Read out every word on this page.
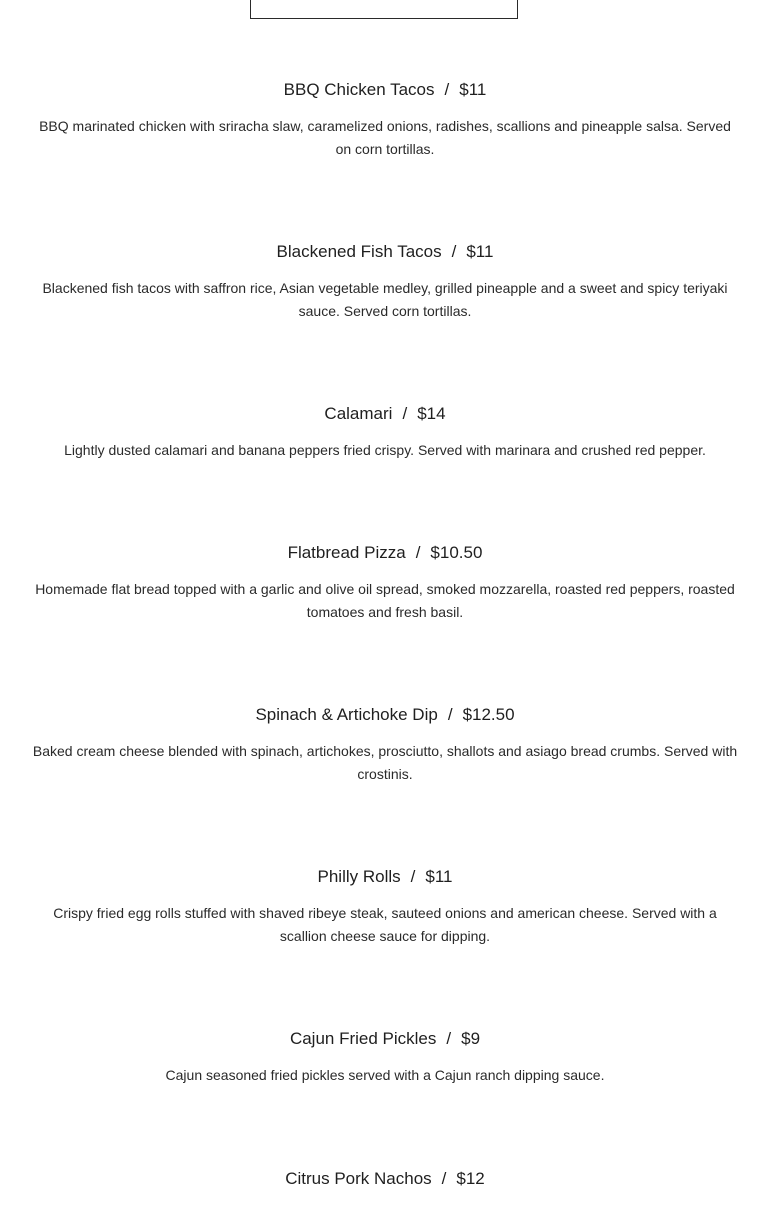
BBQ Chicken Tacos / $11

BBQ marinated chicken with sriracha slaw, caramelized onions, radishes, scallions and pineapple salsa. Served on corn tortillas.

Blackened Fish Tacos / $11

Blackened fish tacos with saffron rice, Asian vegetable medley, grilled pineapple and a sweet and spicy teriyaki sauce. Served corn tortillas.

Calamari / $14

Lightly dusted calamari and banana peppers fried crispy. Served with marinara and crushed red pepper.

Flatbread Pizza / $10.50

Homemade flat bread topped with a garlic and olive oil spread, smoked mozzarella, roasted red peppers, roasted tomatoes and fresh basil.

Spinach & Artichoke Dip / $12.50

Baked cream cheese blended with spinach, artichokes, prosciutto, shallots and asiago bread crumbs. Served with crostinis.

Philly Rolls / $11

Crispy fried egg rolls stuffed with shaved ribeye steak, sauteed onions and american cheese. Served with a scallion cheese sauce for dipping.

Cajun Fried Pickles / $9

Cajun seasoned fried pickles served with a Cajun ranch dipping sauce.

Citrus Pork Nachos / $12
